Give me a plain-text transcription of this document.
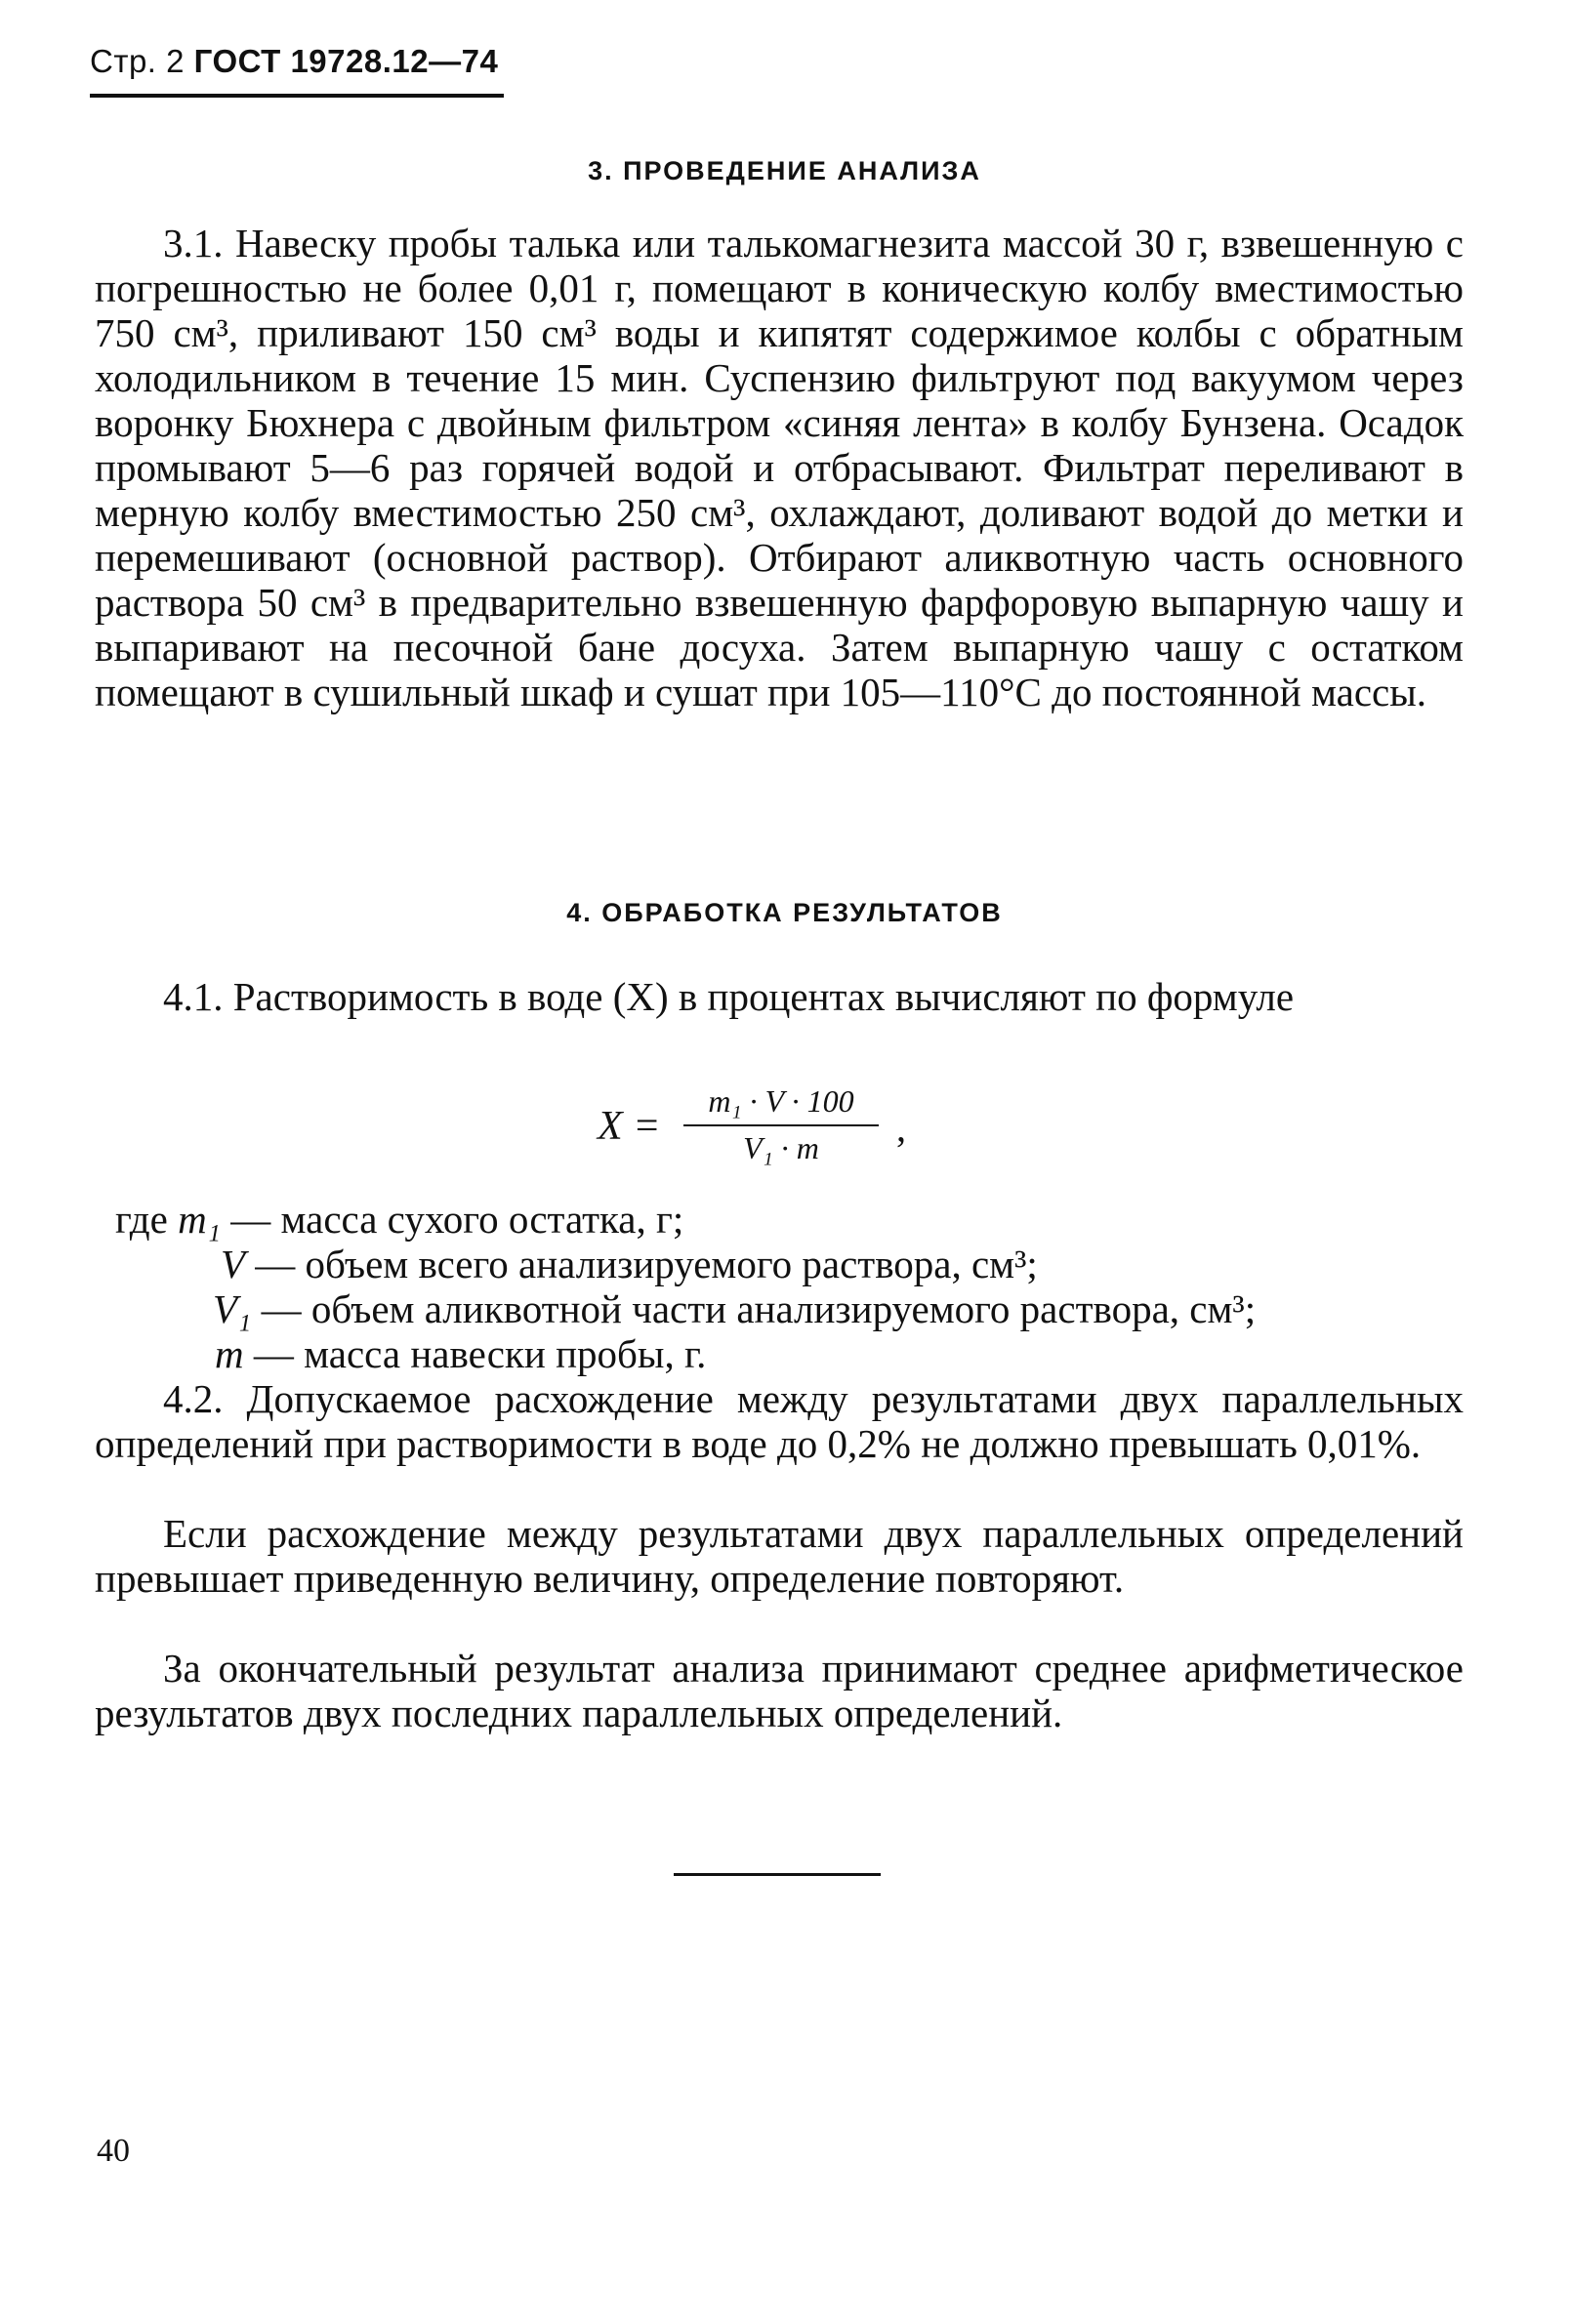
Стр. 2 ГОСТ 19728.12—74
3. ПРОВЕДЕНИЕ АНАЛИЗА

3.1. Навеску пробы талька или талькомагнезита массой 30 г, взвешенную с погрешностью не более 0,01 г, помещают в коническую колбу вместимостью 750 см³, приливают 150 см³ воды и кипятят содержимое колбы с обратным холодильником в течение 15 мин. Суспензию фильтруют под вакуумом через воронку Бюхнера с двойным фильтром «синяя лента» в колбу Бунзена. Осадок промывают 5—6 раз горячей водой и отбрасывают. Фильтрат переливают в мерную колбу вместимостью 250 см³, охлаждают, доливают водой до метки и перемешивают (основной раствор). Отбирают аликвотную часть основного раствора 50 см³ в предварительно взвешенную фарфоровую выпарную чашу и выпаривают на песочной бане досуха. Затем выпарную чашу с остатком помещают в сушильный шкаф и сушат при 105—110°С до постоянной массы.

4. ОБРАБОТКА РЕЗУЛЬТАТОВ

4.1. Растворимость в воде (X) в процентах вычисляют по формуле

X =
m₁ · V · 100
V₁ · m	,
где m₁ — масса сухого остатка, г;
V — объем всего анализируемого раствора, см³;
V₁ — объем аликвотной части анализируемого раствора, см³;
m — масса навески пробы, г.

4.2. Допускаемое расхождение между результатами двух параллельных определений при растворимости в воде до 0,2% не должно превышать 0,01%.

Если расхождение между результатами двух параллельных определений превышает приведенную величину, определение повторяют.

За окончательный результат анализа принимают среднее арифметическое результатов двух последних параллельных определений.

40
